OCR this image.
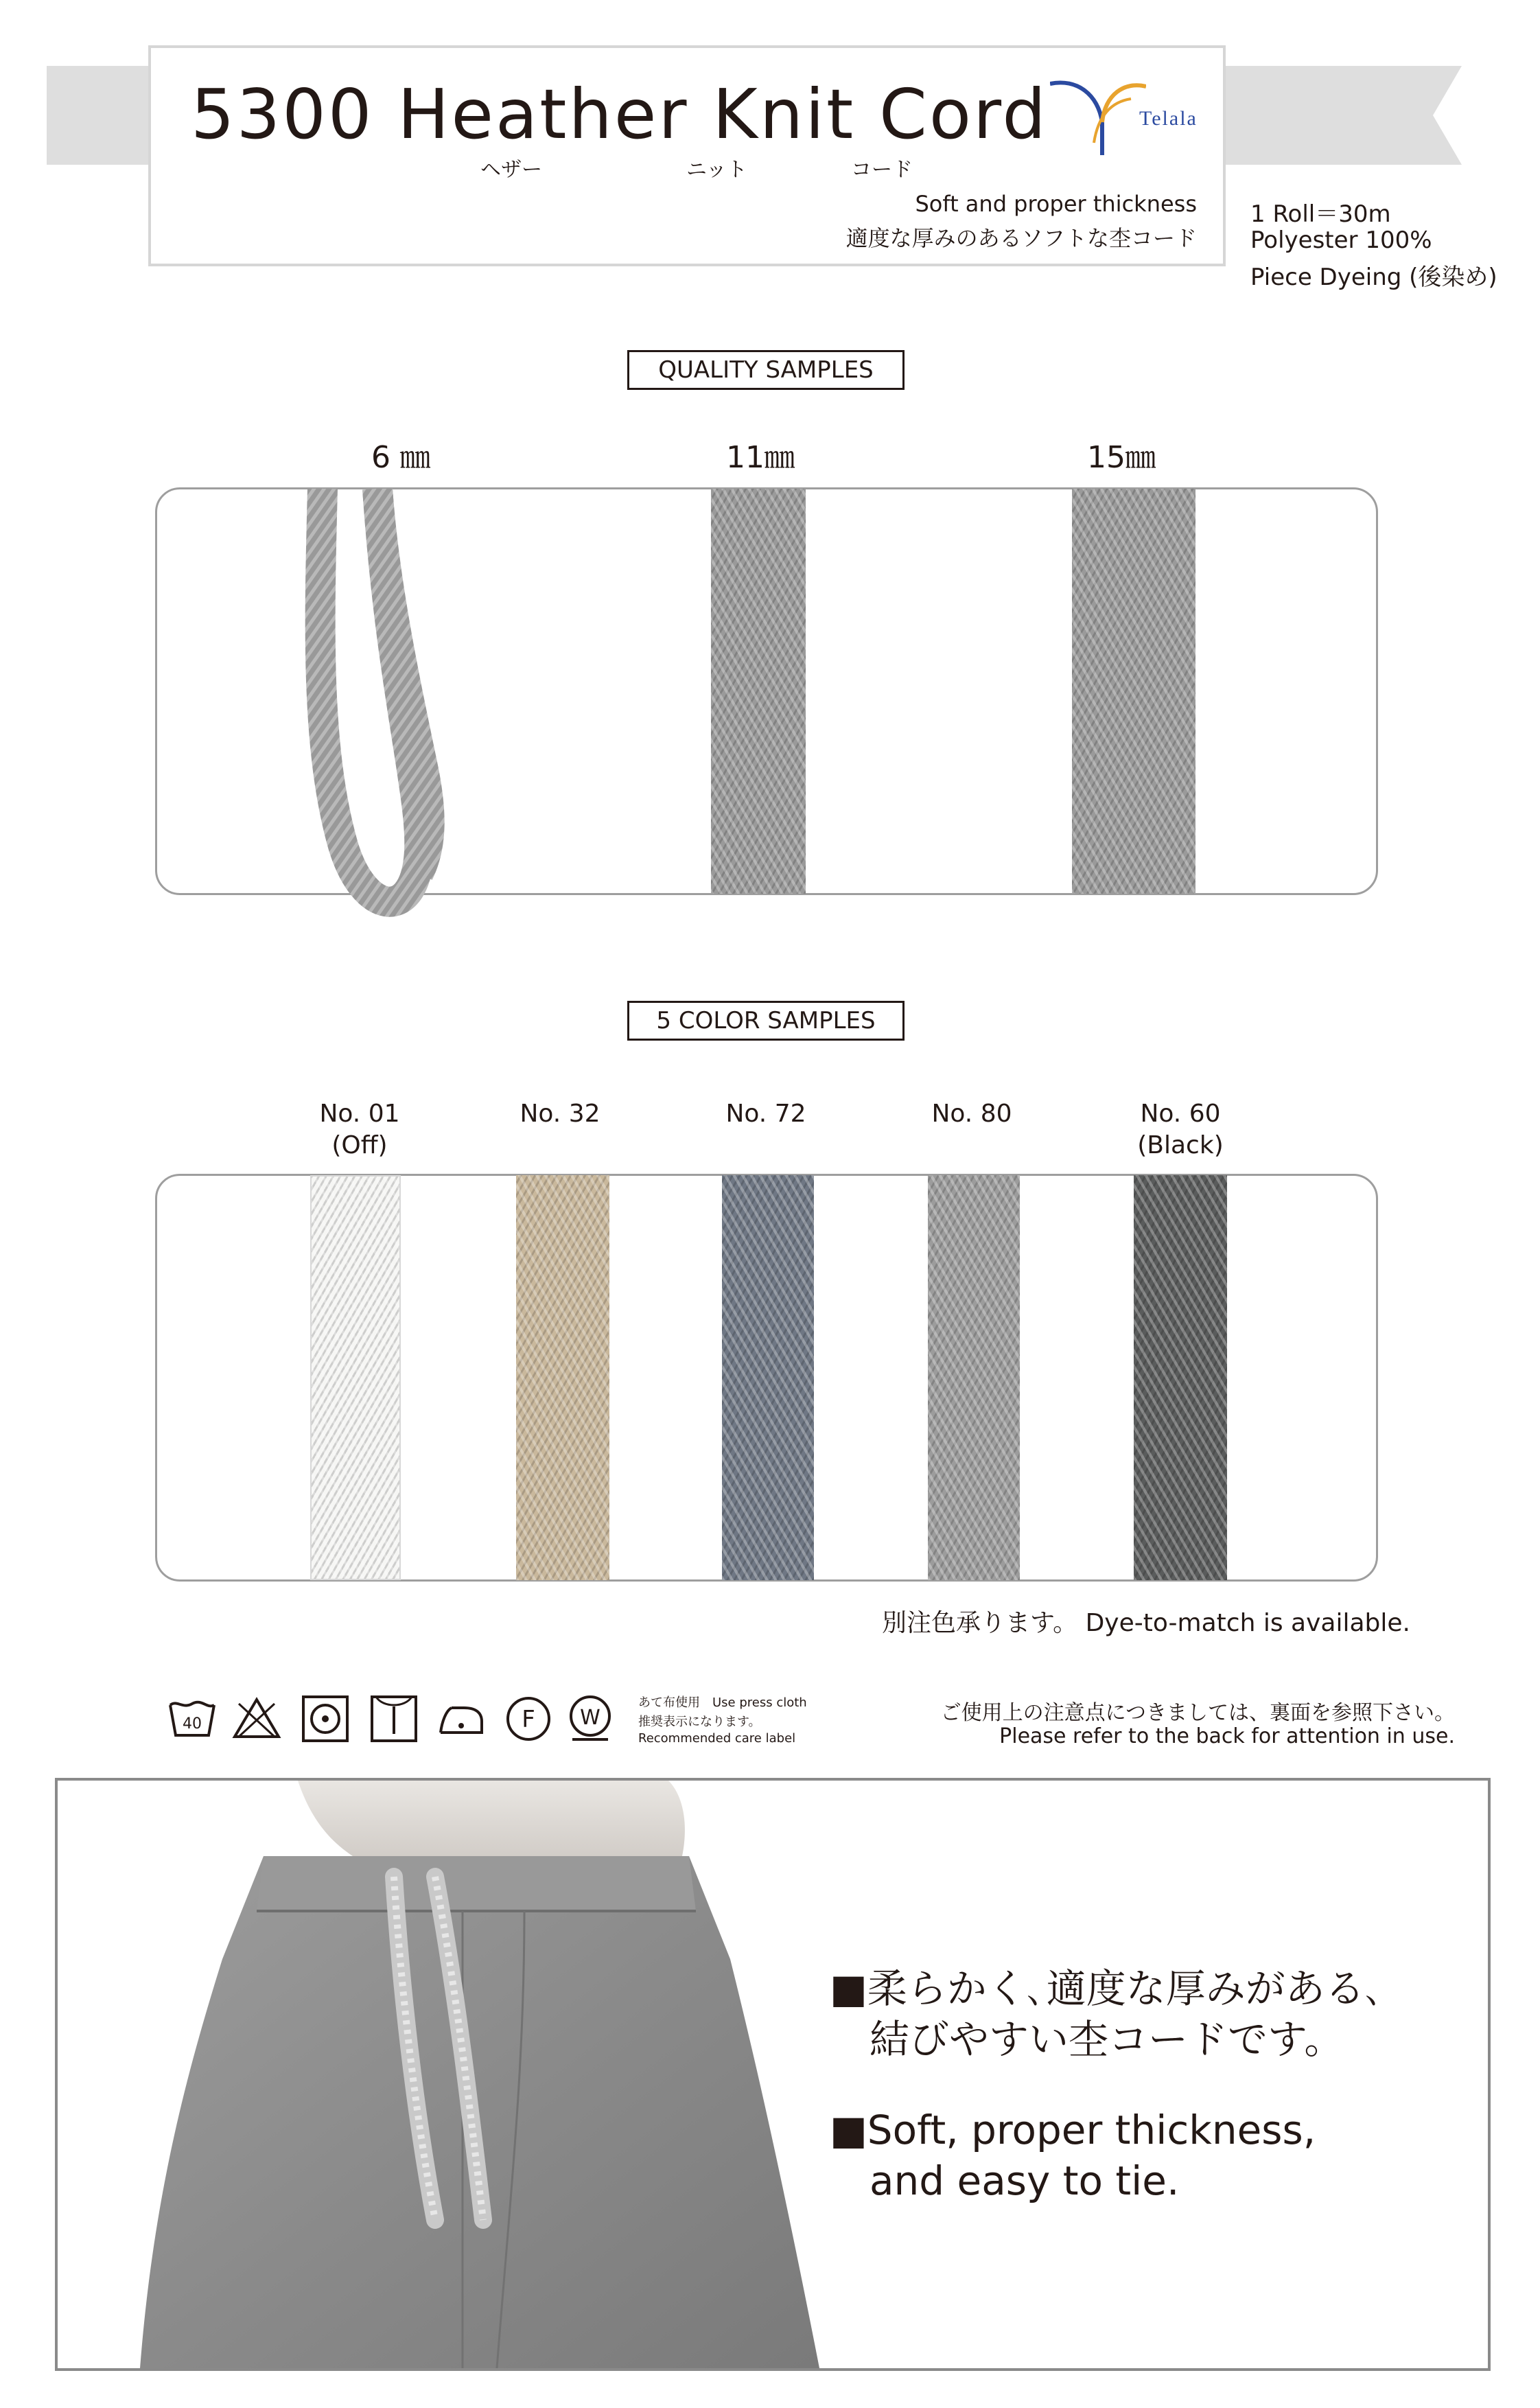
5300 Heather Knit Cord
ヘザー	ニット	コード
Telala
Soft and proper thickness
適度な厚みのあるソフトな杢コード
1 Roll＝30m
Polyester 100%
Piece Dyeing (後染め)
QUALITY SAMPLES
6 ㎜	11㎜	15㎜
5 COLOR SAMPLES
No. 01
(Off)
No. 32	No. 72	No. 80	No. 60
(Black)
別注色承ります。 Dye-to-match is available.
40	F W
あて布使用　Use press cloth
推奨表示になります。
Recommended care label
ご使用上の注意点につきましては、裏面を参照下さい。
Please refer to the back for attention in use.
■柔らかく､適度な厚みがある､
　結びやすい杢コードです。
■Soft, proper thickness,
　and easy to tie.
